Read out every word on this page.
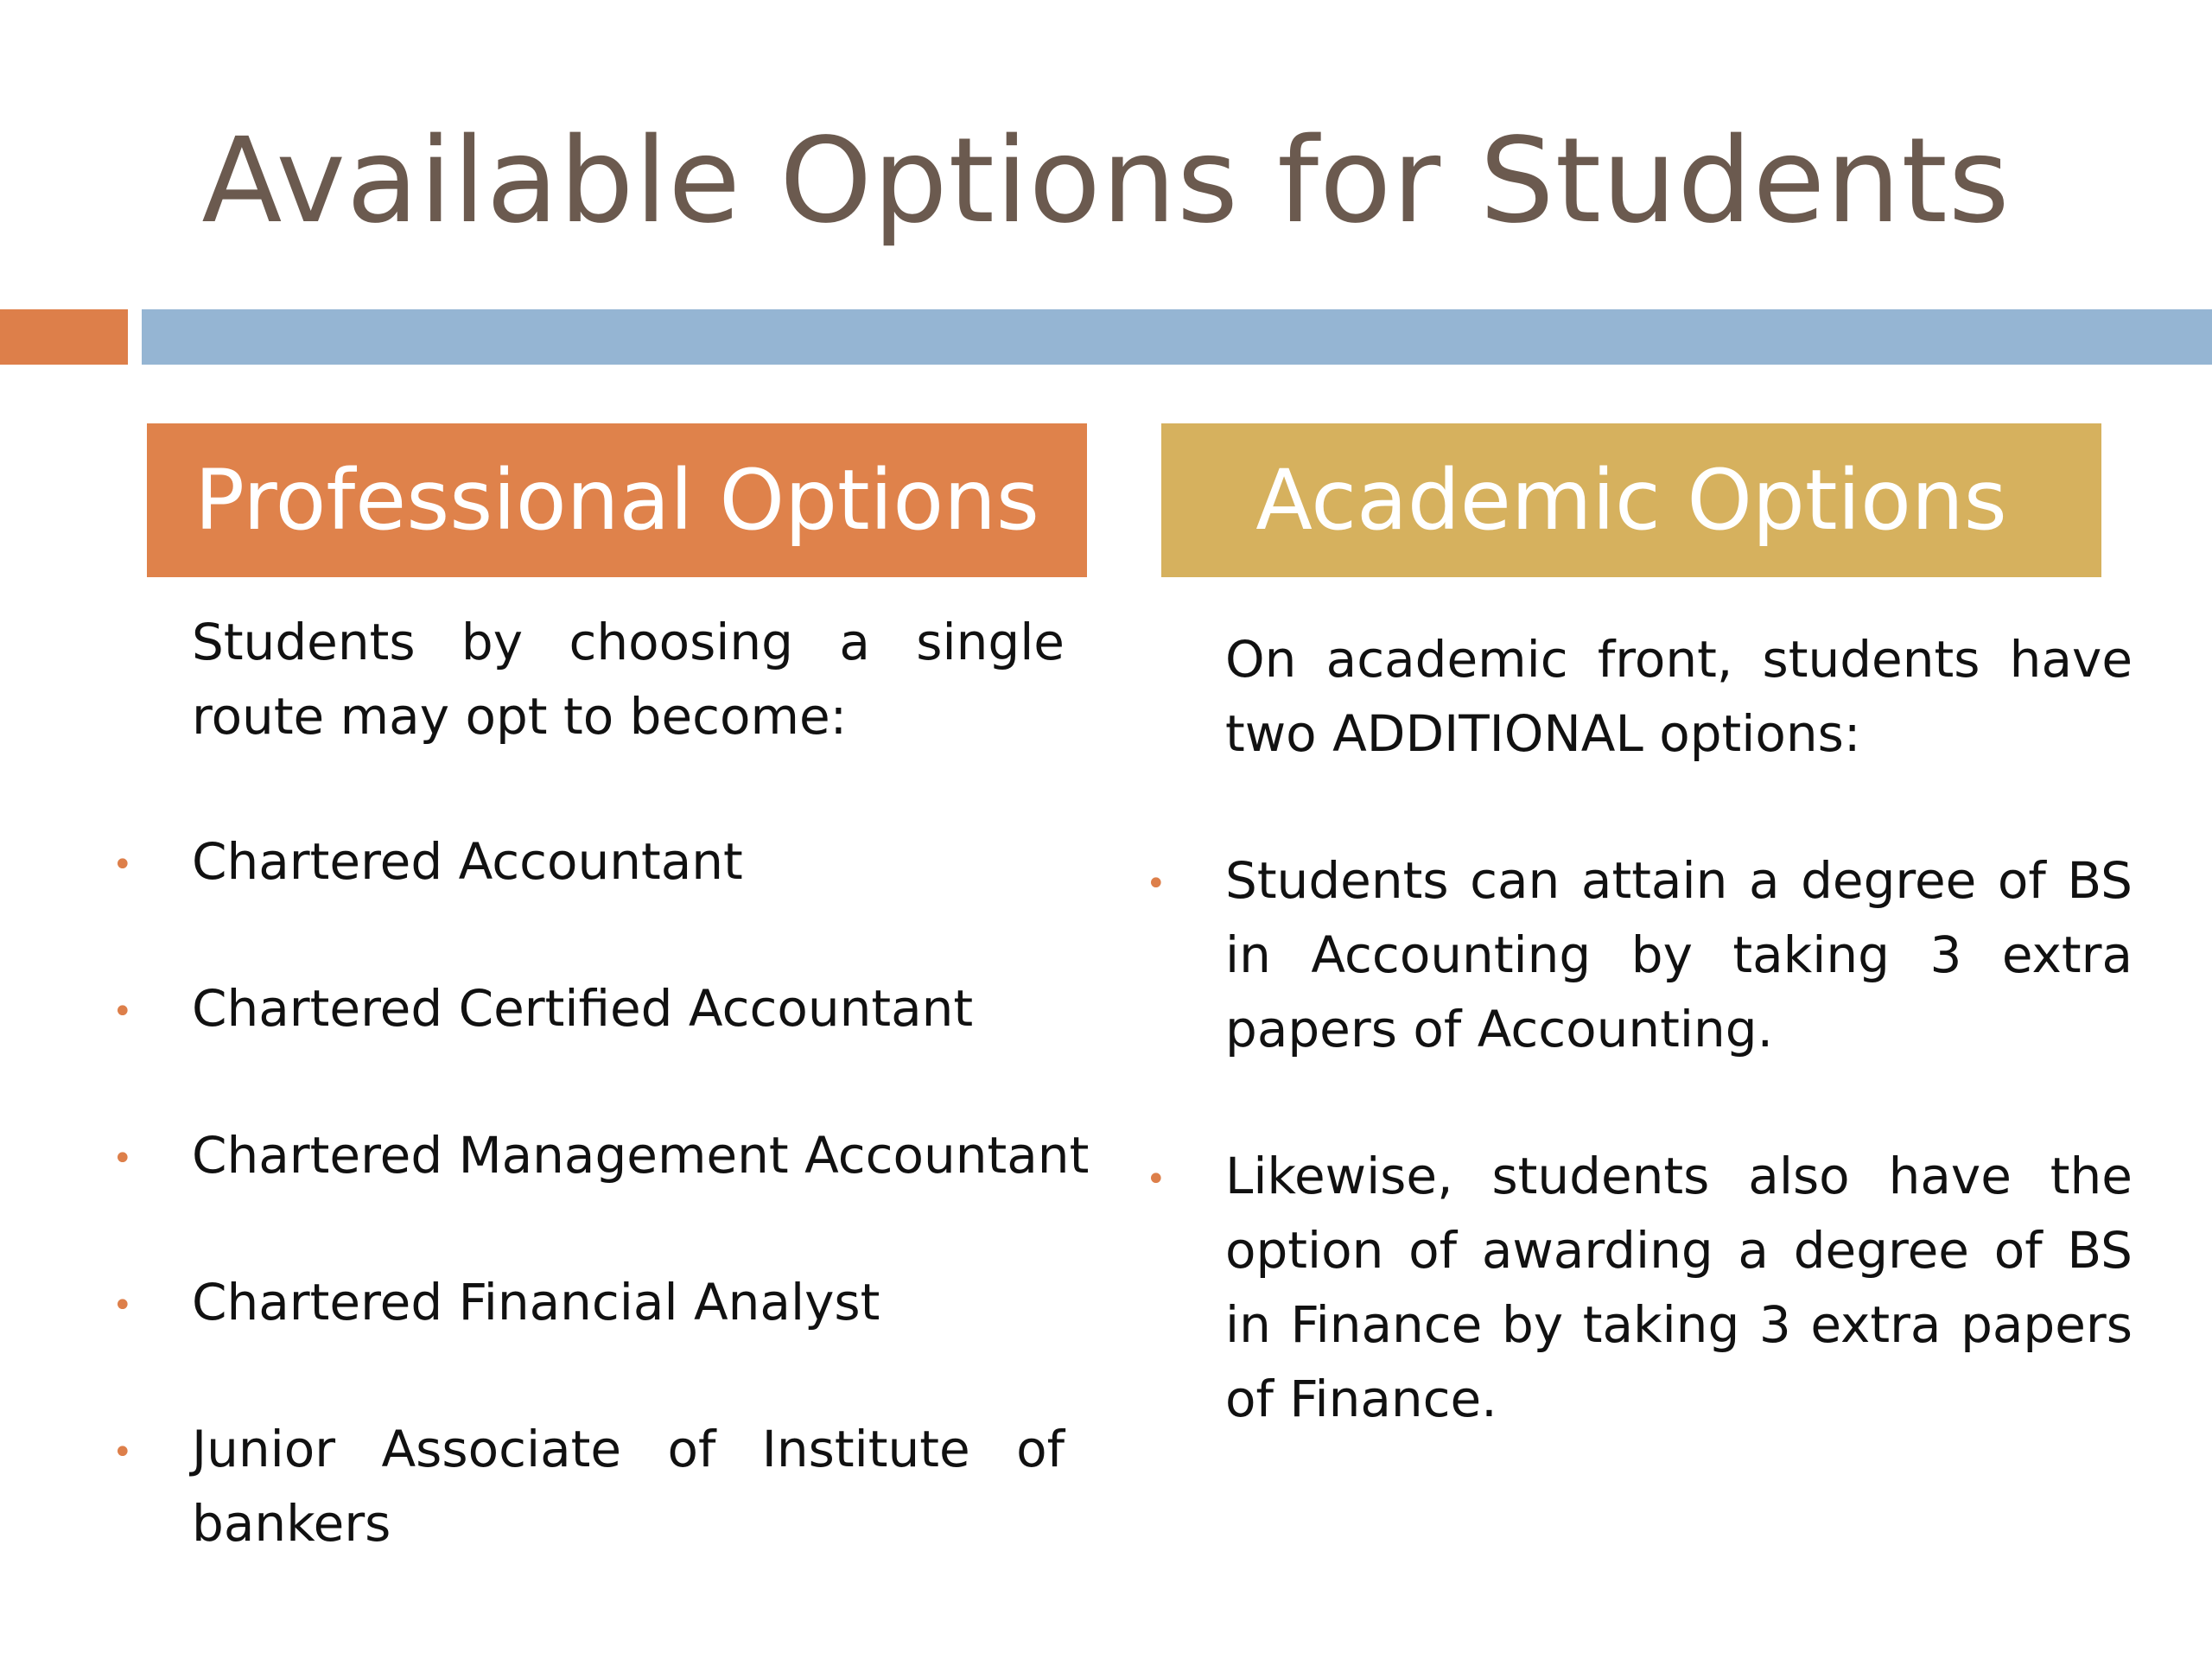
Available Options for Students
Professional Options	Academic Options
Students by choosing a single route may opt to become:
• Chartered Accountant
• Chartered Certified Accountant
• Chartered Management Accountant
• Chartered Financial Analyst
• Junior Associate of Institute of bankers
On academic front, students have two ADDITIONAL options:
• Students can attain a degree of BS in Accounting by taking 3 extra papers of Accounting.
• Likewise, students also have the option of awarding a degree of BS in Finance by taking 3 extra papers of Finance.
